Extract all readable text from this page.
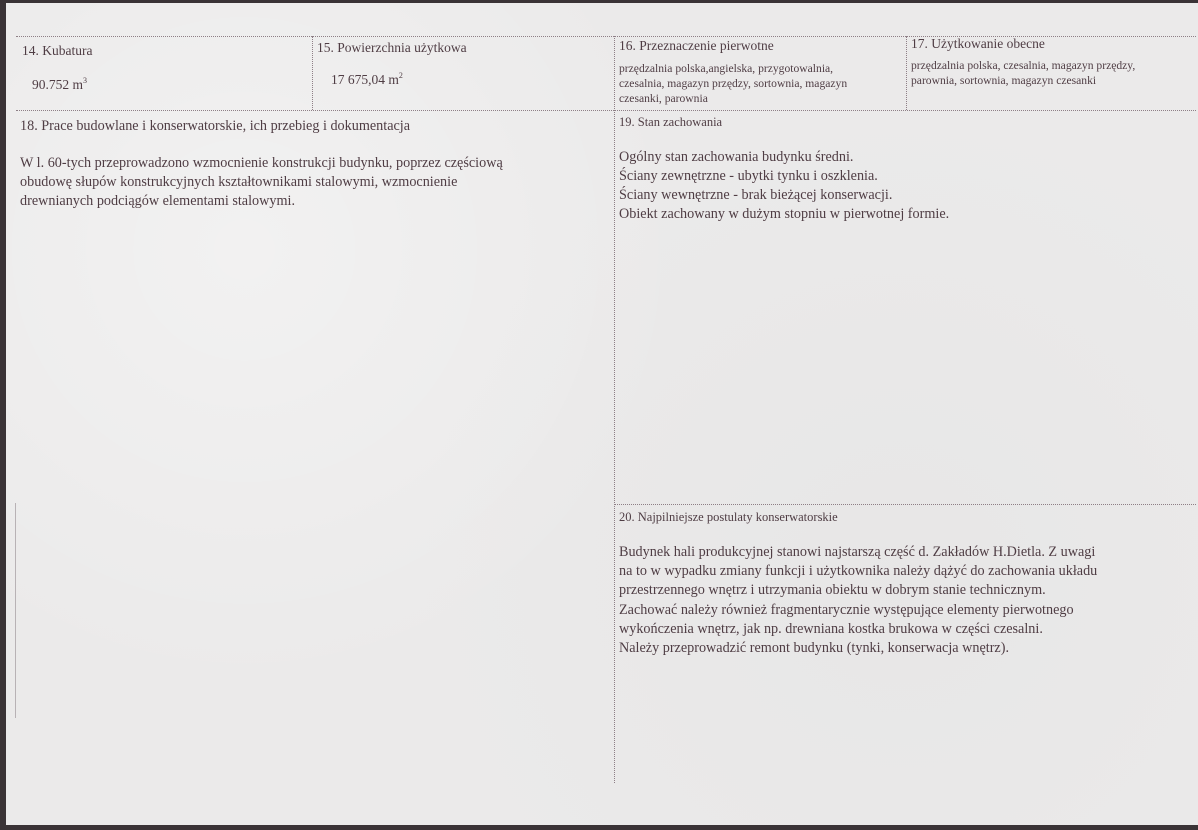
14. Kubatura
90.752 $m^3$
15. Powierzchnia użytkowa
17 675,04 $m^2$
16. Przeznaczenie pierwotne
przędzalnia polska,angielska, przygotowalnia,
czesalnia, magazyn przędzy, sortownia, magazyn
czesanki, parownia
17. Użytkowanie obecne
przędzalnia polska, czesalnia, magazyn przędzy,
parownia, sortownia, magazyn czesanki
18. Prace budowlane i konserwatorskie, ich przebieg i dokumentacja
W l. 60-tych przeprowadzono wzmocnienie konstrukcji budynku, poprzez częściową
obudowę słupów konstrukcyjnych kształtownikami stalowymi, wzmocnienie
drewnianych podciągów elementami stalowymi.
19. Stan zachowania
Ogólny stan zachowania budynku średni.
Ściany zewnętrzne - ubytki tynku i oszklenia.
Ściany wewnętrzne - brak bieżącej konserwacji.
Obiekt zachowany w dużym stopniu w pierwotnej formie.
20. Najpilniejsze postulaty konserwatorskie
Budynek hali produkcyjnej stanowi najstarszą część d. Zakładów H.Dietla. Z uwagi
na to w wypadku zmiany funkcji i użytkownika należy dążyć do zachowania układu
przestrzennego wnętrz i utrzymania obiektu w dobrym stanie technicznym.
Zachować należy również fragmentarycznie występujące elementy pierwotnego
wykończenia wnętrz, jak np. drewniana kostka brukowa w części czesalni.
Należy przeprowadzić remont budynku (tynki, konserwacja wnętrz).
